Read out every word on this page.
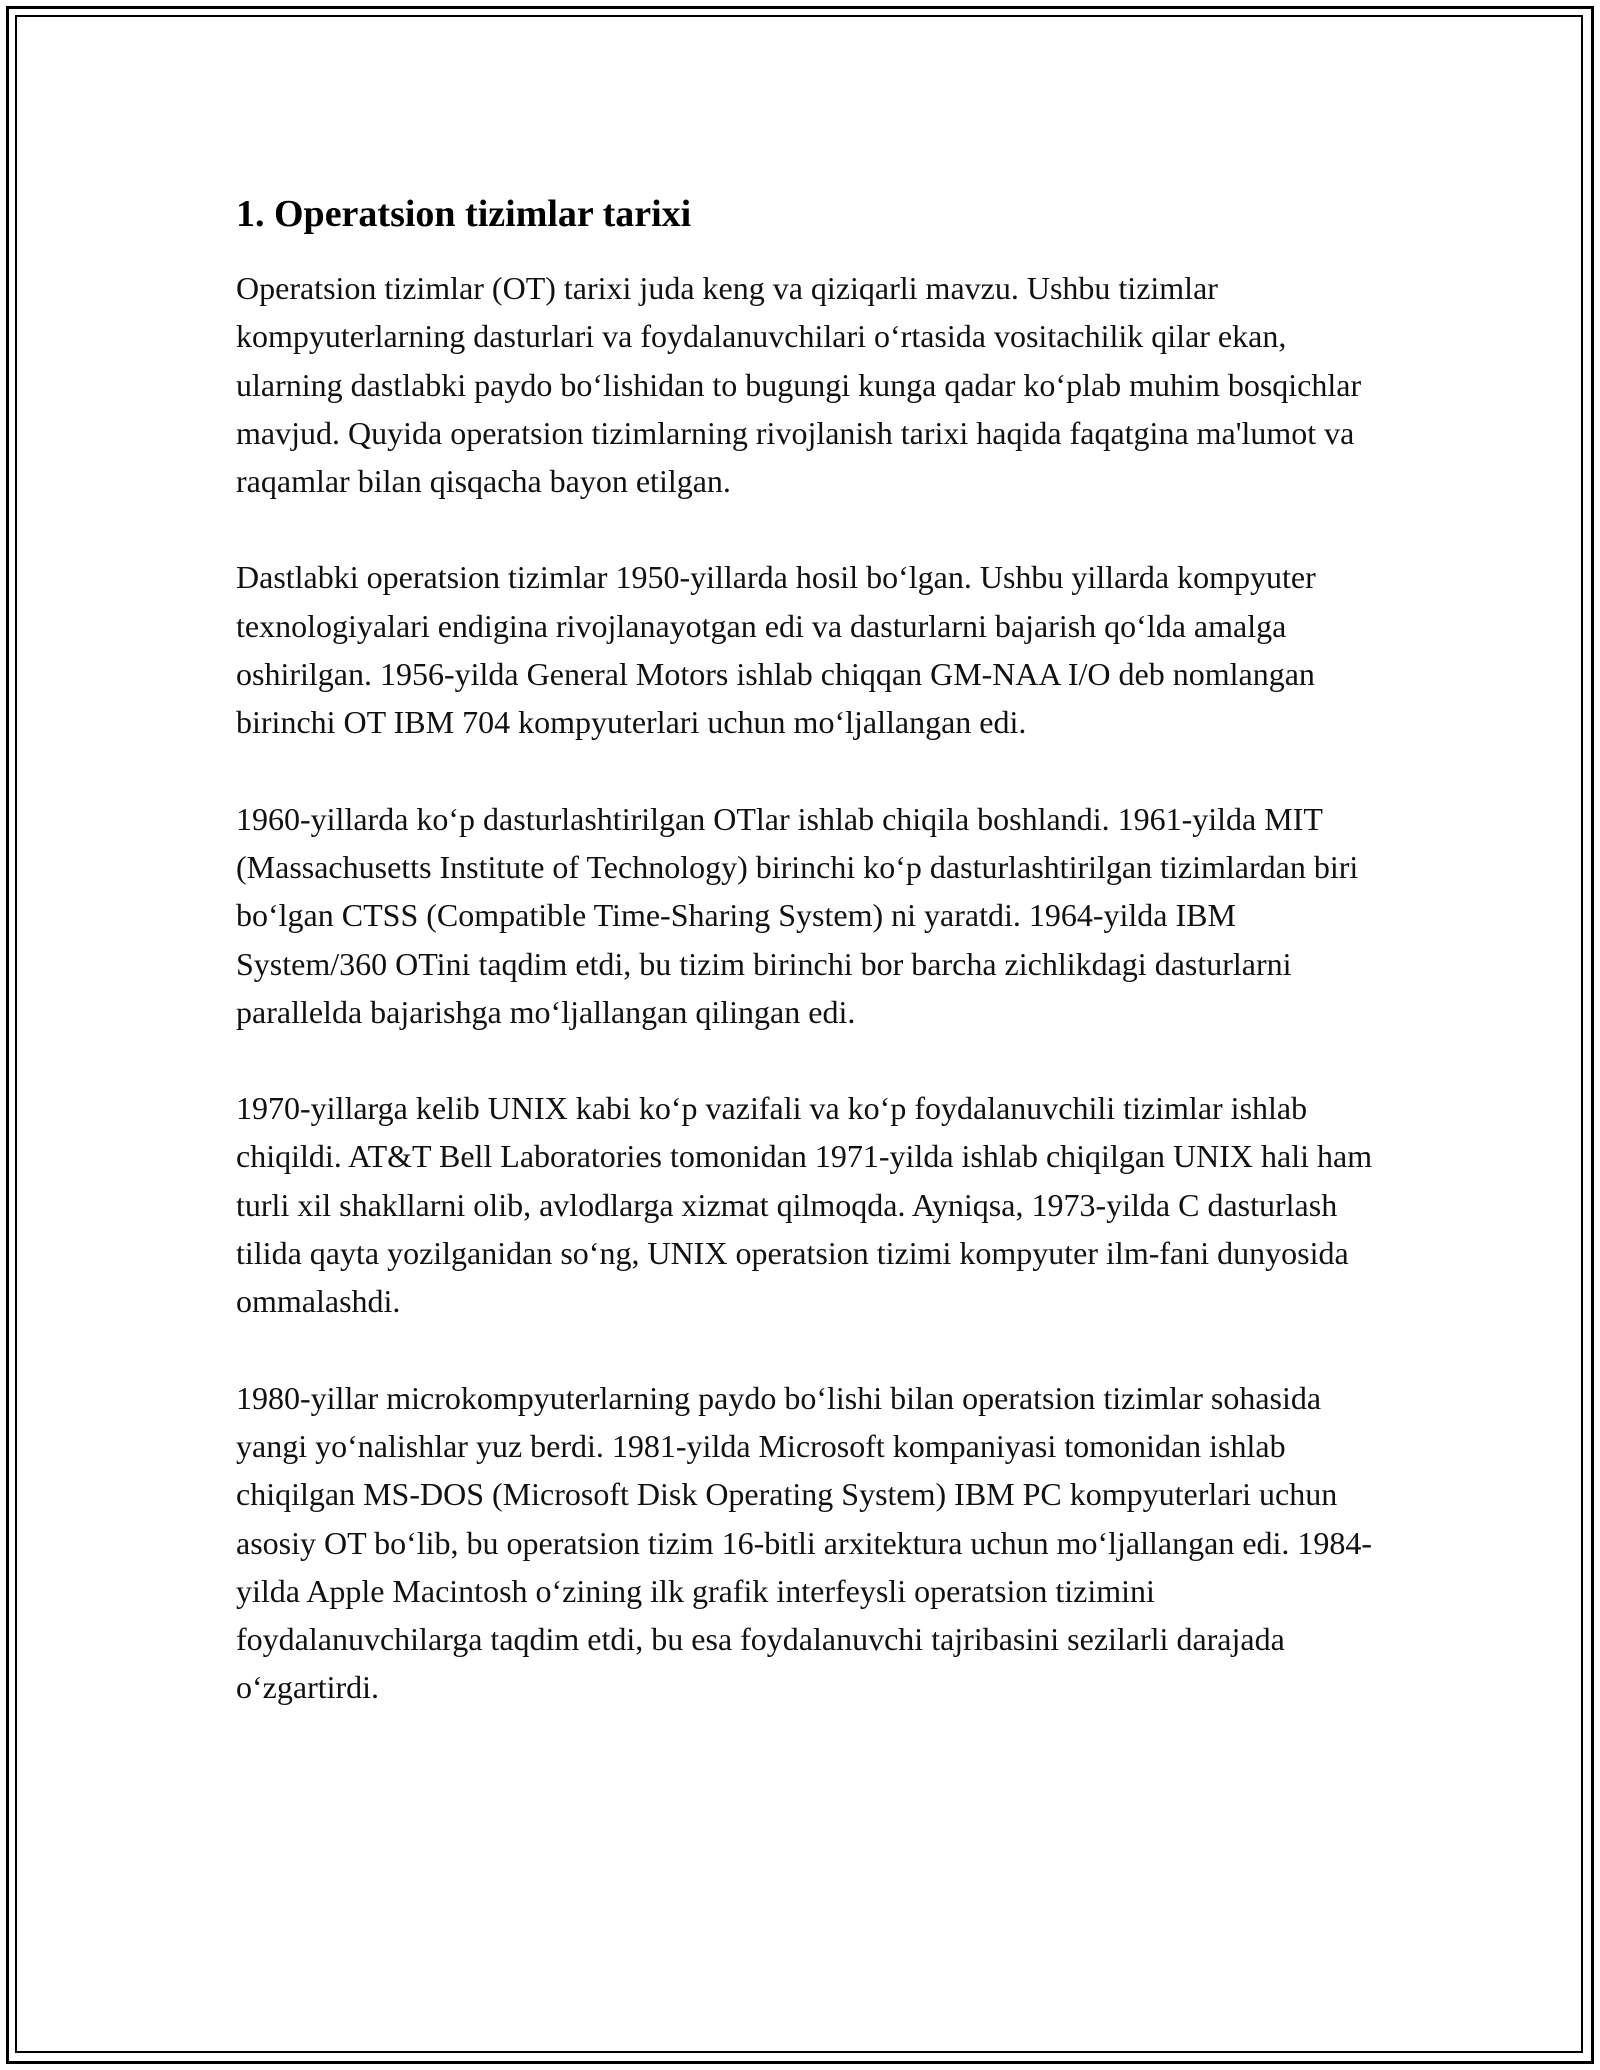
1. Operatsion tizimlar tarixi

Operatsion tizimlar (OT) tarixi juda keng va qiziqarli mavzu. Ushbu tizimlar kompyuterlarning dasturlari va foydalanuvchilari o‘rtasida vositachilik qilar ekan, ularning dastlabki paydo bo‘lishidan to bugungi kunga qadar ko‘plab muhim bosqichlar mavjud. Quyida operatsion tizimlarning rivojlanish tarixi haqida faqatgina ma'lumot va raqamlar bilan qisqacha bayon etilgan.

Dastlabki operatsion tizimlar 1950-yillarda hosil bo‘lgan. Ushbu yillarda kompyuter texnologiyalari endigina rivojlanayotgan edi va dasturlarni bajarish qo‘lda amalga oshirilgan. 1956-yilda General Motors ishlab chiqqan GM-NAA I/O deb nomlangan birinchi OT IBM 704 kompyuterlari uchun mo‘ljallangan edi.

1960-yillarda ko‘p dasturlashtirilgan OTlar ishlab chiqila boshlandi. 1961-yilda MIT (Massachusetts Institute of Technology) birinchi ko‘p dasturlashtirilgan tizimlardan biri bo‘lgan CTSS (Compatible Time-Sharing System) ni yaratdi. 1964-yilda IBM System/360 OTini taqdim etdi, bu tizim birinchi bor barcha zichlikdagi dasturlarni parallelda bajarishga mo‘ljallangan qilingan edi.

1970-yillarga kelib UNIX kabi ko‘p vazifali va ko‘p foydalanuvchili tizimlar ishlab chiqildi. AT&T Bell Laboratories tomonidan 1971-yilda ishlab chiqilgan UNIX hali ham turli xil shakllarni olib, avlodlarga xizmat qilmoqda. Ayniqsa, 1973-yilda C dasturlash tilida qayta yozilganidan so‘ng, UNIX operatsion tizimi kompyuter ilm-fani dunyosida ommalashdi.

1980-yillar microkompyuterlarning paydo bo‘lishi bilan operatsion tizimlar sohasida yangi yo‘nalishlar yuz berdi. 1981-yilda Microsoft kompaniyasi tomonidan ishlab chiqilgan MS-DOS (Microsoft Disk Operating System) IBM PC kompyuterlari uchun asosiy OT bo‘lib, bu operatsion tizim 16-bitli arxitektura uchun mo‘ljallangan edi. 1984-yilda Apple Macintosh o‘zining ilk grafik interfeysli operatsion tizimini foydalanuvchilarga taqdim etdi, bu esa foydalanuvchi tajribasini sezilarli darajada o‘zgartirdi.
